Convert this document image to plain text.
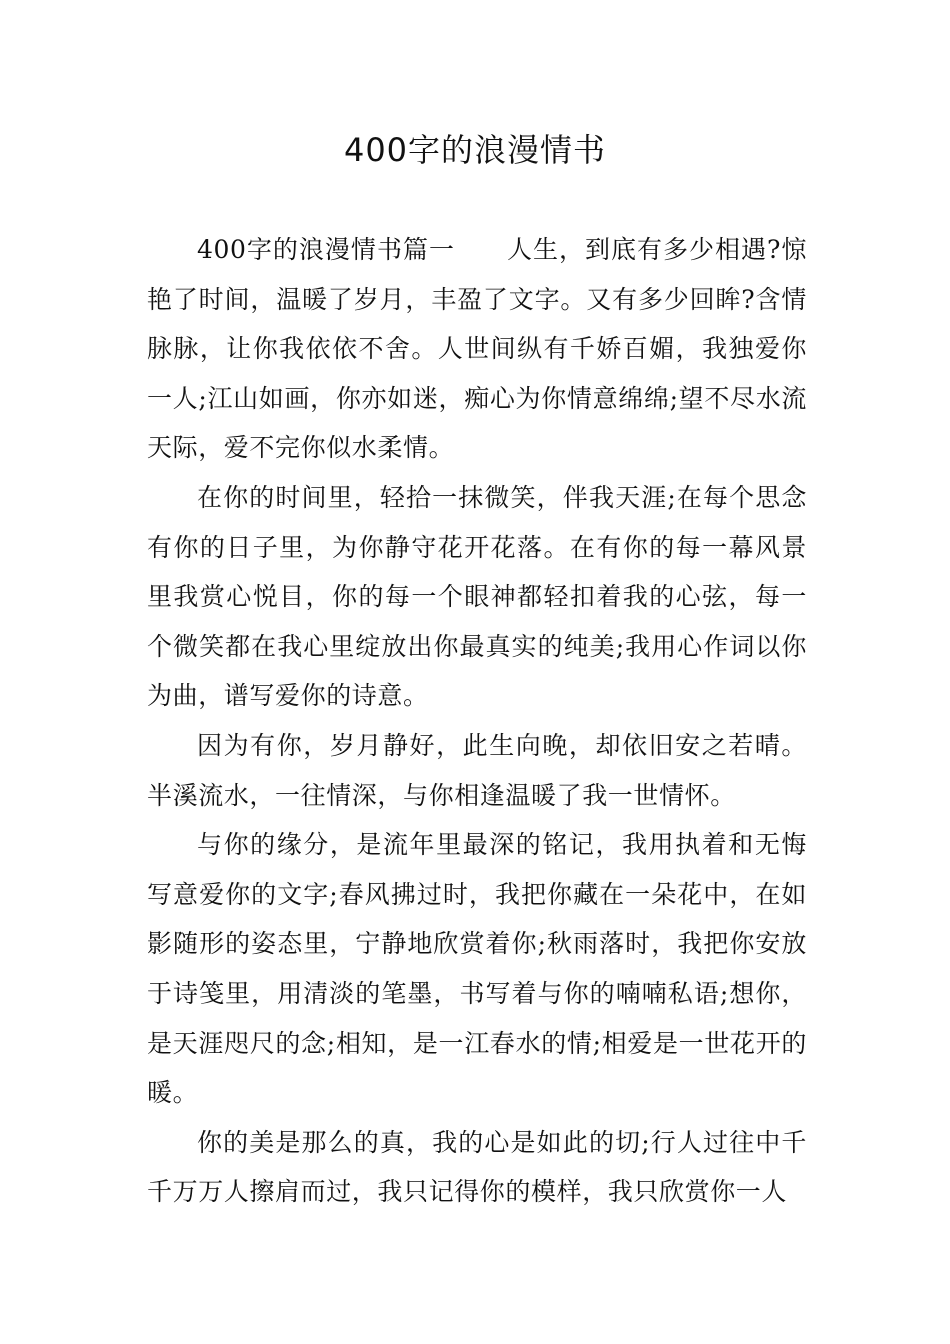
400字的浪漫情书

400字的浪漫情书篇一　　人生，到底有多少相遇?惊艳了时间，温暖了岁月，丰盈了文字。又有多少回眸?含情脉脉，让你我依依不舍。人世间纵有千娇百媚，我独爱你一人;江山如画，你亦如迷，痴心为你情意绵绵;望不尽水流天际，爱不完你似水柔情。

在你的时间里，轻拾一抹微笑，伴我天涯;在每个思念有你的日子里，为你静守花开花落。在有你的每一幕风景里我赏心悦目，你的每一个眼神都轻扣着我的心弦，每一个微笑都在我心里绽放出你最真实的纯美;我用心作词以你为曲，谱写爱你的诗意。

因为有你，岁月静好，此生向晚，却依旧安之若晴。半溪流水，一往情深，与你相逢温暖了我一世情怀。

与你的缘分，是流年里最深的铭记，我用执着和无悔写意爱你的文字;春风拂过时，我把你藏在一朵花中，在如影随形的姿态里，宁静地欣赏着你;秋雨落时，我把你安放于诗笺里，用清淡的笔墨，书写着与你的喃喃私语;想你，是天涯咫尺的念;相知，是一江春水的情;相爱是一世花开的暖。

你的美是那么的真，我的心是如此的切;行人过往中千千万万人擦肩而过，我只记得你的模样，我只欣赏你一人
